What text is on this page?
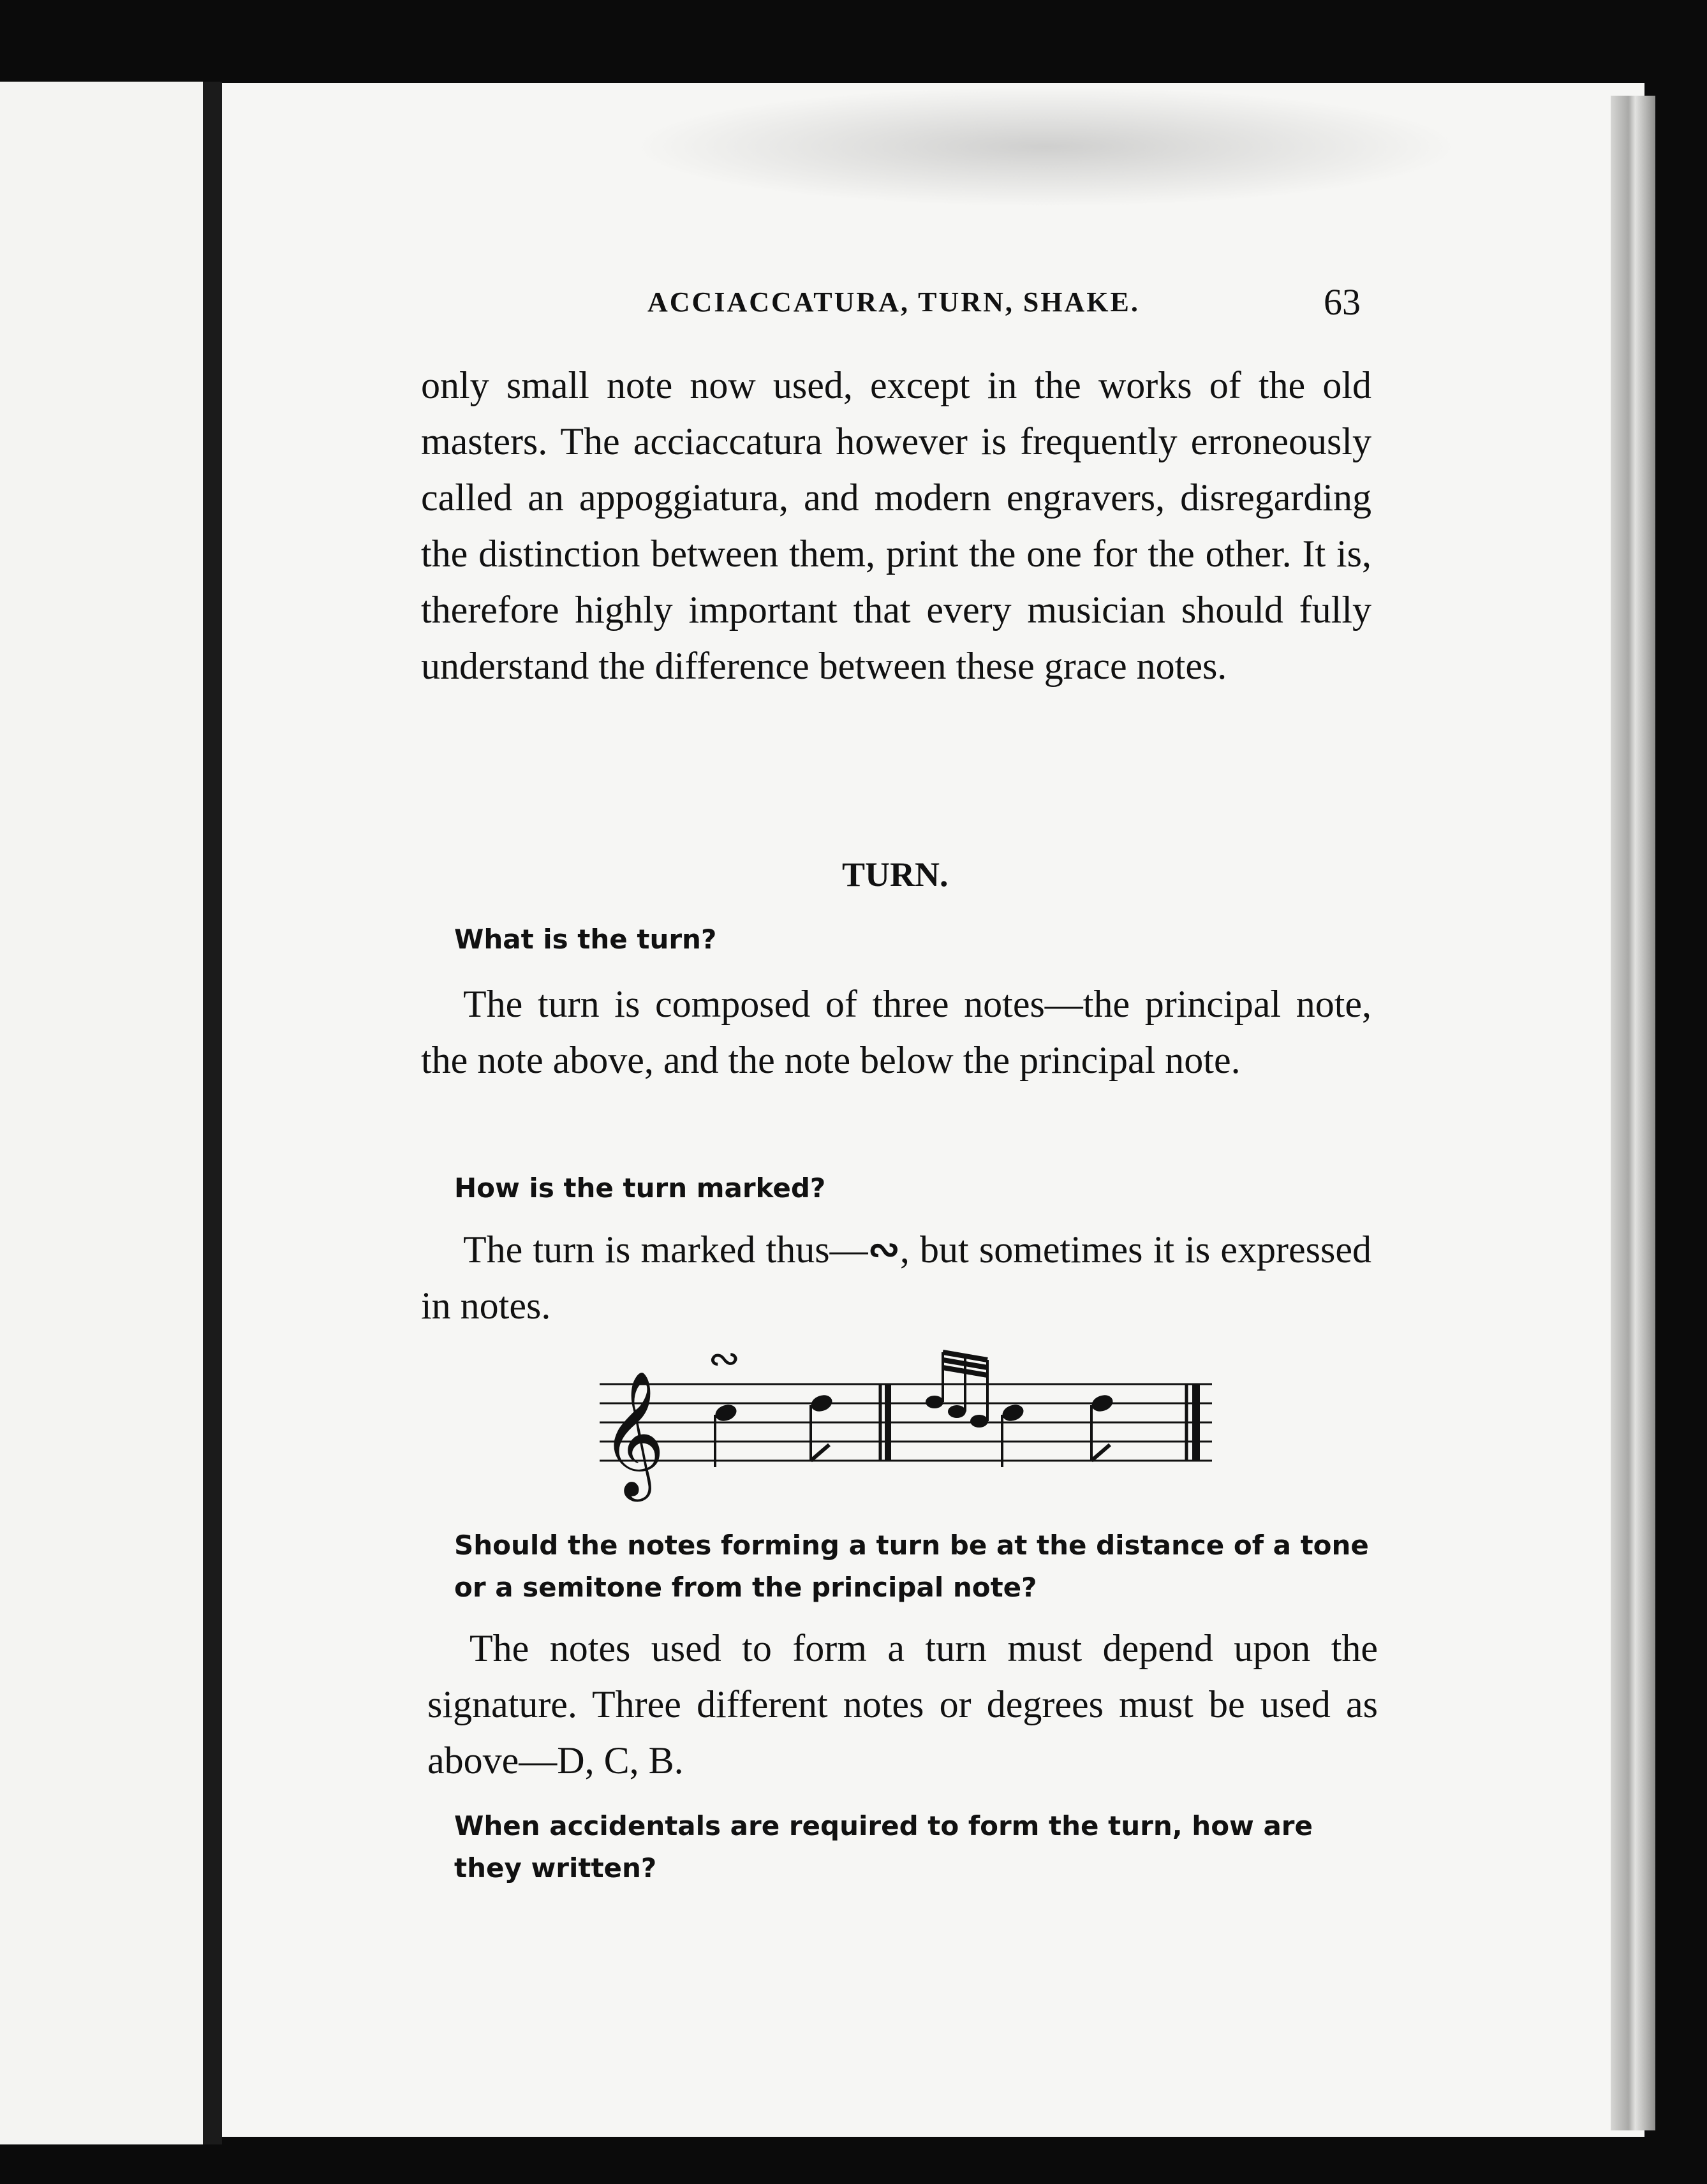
ACCIACCATURA, TURN, SHAKE.	63
only small note now used, except in the works of the old masters. The acciaccatura however is frequently erroneously called an appoggiatura, and modern engravers, disregarding the distinction between them, print the one for the other. It is, therefore highly important that every musician should fully understand the difference between these grace notes.
TURN.
What is the turn?
The turn is composed of three notes—the principal note, the note above, and the note below the principal note.
How is the turn marked?
The turn is marked thus—∾, but sometimes it is expressed in notes.
𝄞
∾
Should the notes forming a turn be at the distance of a tone or a semitone from the principal note?
The notes used to form a turn must depend upon the signature. Three different notes or degrees must be used as above—D, C, B.
When accidentals are required to form the turn, how are they written?
